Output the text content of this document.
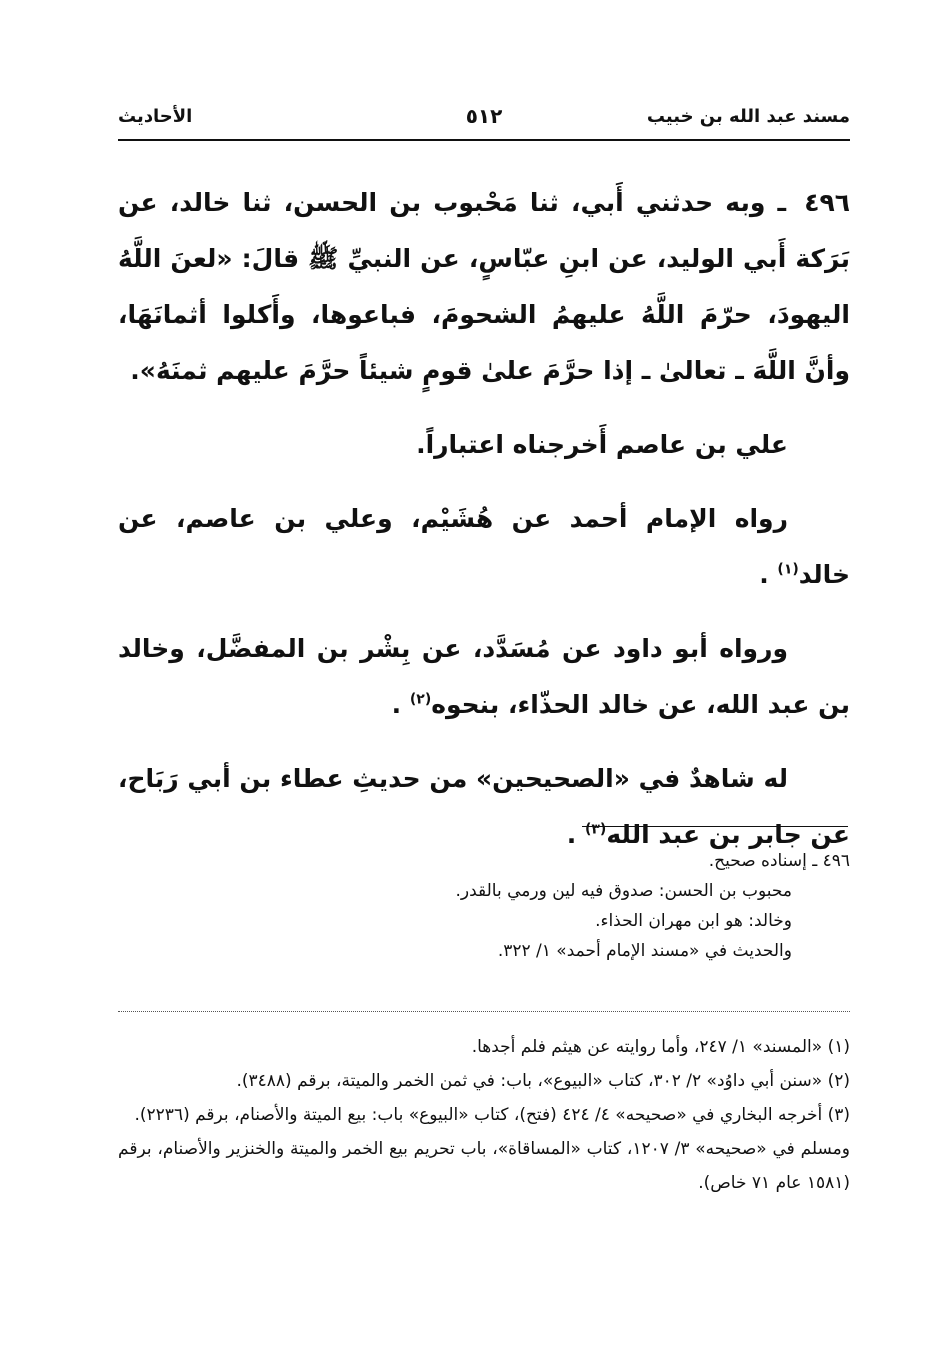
مسند عبد الله بن خبيب
٥١٢
الأحاديث

٤٩٦ ـ وبه حدثني أَبي، ثنا مَحْبوب بن الحسن، ثنا خالد، عن بَرَكة أَبي الوليد، عن ابنِ عبّاسٍ، عن النبيِّ ﷺ قالَ: «لعنَ اللَّهُ اليهودَ، حرّمَ اللَّهُ عليهمُ الشحومَ، فباعوها، وأَكلوا أثمانَهَا، وأنَّ اللَّهَ ـ تعالىٰ ـ إذا حرَّمَ علىٰ قومٍ شيئاً حرَّمَ عليهم ثمنَهُ».

علي بن عاصم أَخرجناه اعتباراً.

رواه الإمام أحمد عن هُشَيْم، وعلي بن عاصم، عن خالد$^{(١)}$ .

ورواه أبو داود عن مُسَدَّد، عن بِشْر بن المفضَّل، وخالد بن عبد الله، عن خالد الحذّاء، بنحوه$^{(٢)}$ .

له شاهدٌ في «الصحيحين» من حديثِ عطاء بن أبي رَبَاح، عن جابر بن عبد الله$^{(٣)}$ .

٤٩٦ ـ إسناده صحيح.

محبوب بن الحسن: صدوق فيه لين ورمي بالقدر.

وخالد: هو ابن مهران الحذاء.

والحديث في «مسند الإمام أحمد» ١/ ٣٢٢.

(١) «المسند» ١/ ٢٤٧، وأما روايته عن هيثم فلم أجدها.

(٢) «سنن أبي داوُد» ٢/ ٣٠٢، كتاب «البيوع»، باب: في ثمن الخمر والميتة، برقم (٣٤٨٨).

(٣) أخرجه البخاري في «صحيحه» ٤/ ٤٢٤ (فتح)، كتاب «البيوع» باب: بيع الميتة والأصنام، برقم (٢٢٣٦).

ومسلم في «صحيحه» ٣/ ١٢٠٧، كتاب «المساقاة»، باب تحريم بيع الخمر والميتة والخنزير والأصنام، برقم (١٥٨١ عام ٧١ خاص).
